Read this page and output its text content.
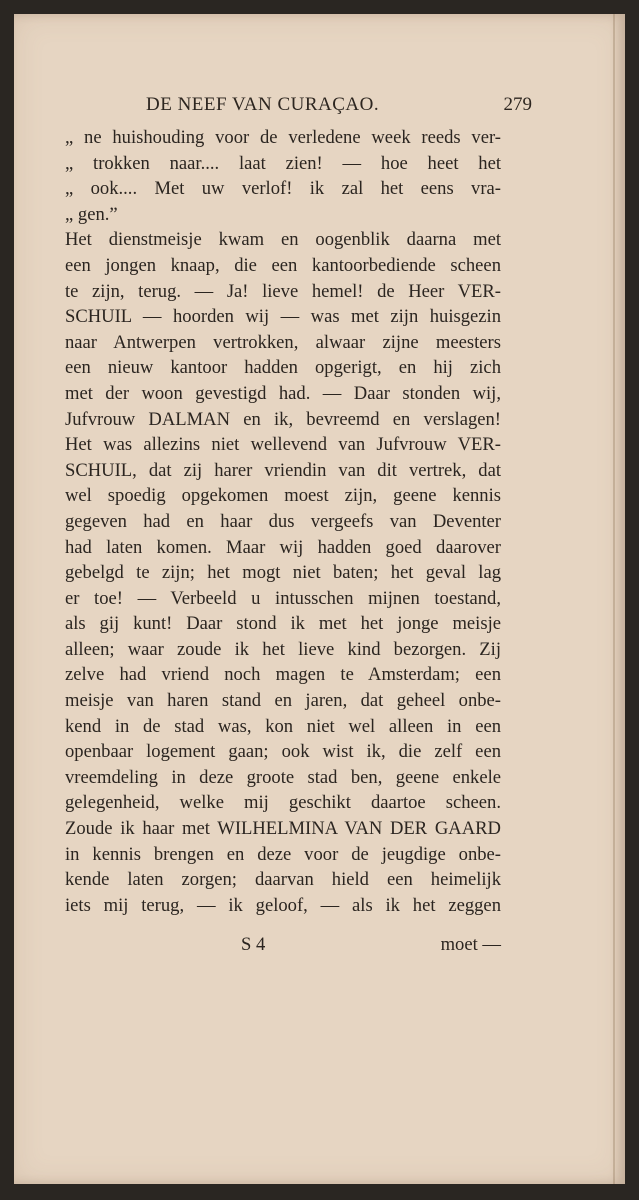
DE NEEF VAN CURAÇAO.	279
„ ne huishouding voor de verledene week reeds ver-
„ trokken naar.... laat zien! — hoe heet het
„ ook.... Met uw verlof! ik zal het eens vra-
„ gen.”
Het dienstmeisje kwam en oogenblik daarna met
een jongen knaap, die een kantoorbediende scheen
te zijn, terug. — Ja! lieve hemel! de Heer VER-
SCHUIL — hoorden wij — was met zijn huisgezin
naar Antwerpen vertrokken, alwaar zijne meesters
een nieuw kantoor hadden opgerigt, en hij zich
met der woon gevestigd had. — Daar stonden wij,
Jufvrouw DALMAN en ik, bevreemd en verslagen!
Het was allezins niet wellevend van Jufvrouw VER-
SCHUIL, dat zij harer vriendin van dit vertrek, dat
wel spoedig opgekomen moest zijn, geene kennis
gegeven had en haar dus vergeefs van Deventer
had laten komen. Maar wij hadden goed daarover
gebelgd te zijn; het mogt niet baten; het geval lag
er toe! — Verbeeld u intusschen mijnen toestand,
als gij kunt! Daar stond ik met het jonge meisje
alleen; waar zoude ik het lieve kind bezorgen. Zij
zelve had vriend noch magen te Amsterdam; een
meisje van haren stand en jaren, dat geheel onbe-
kend in de stad was, kon niet wel alleen in een
openbaar logement gaan; ook wist ik, die zelf een
vreemdeling in deze groote stad ben, geene enkele
gelegenheid, welke mij geschikt daartoe scheen.
Zoude ik haar met WILHELMINA VAN DER GAARD
in kennis brengen en deze voor de jeugdige onbe-
kende laten zorgen; daarvan hield een heimelijk
iets mij terug, — ik geloof, — als ik het zeggen
S 4	moet —
